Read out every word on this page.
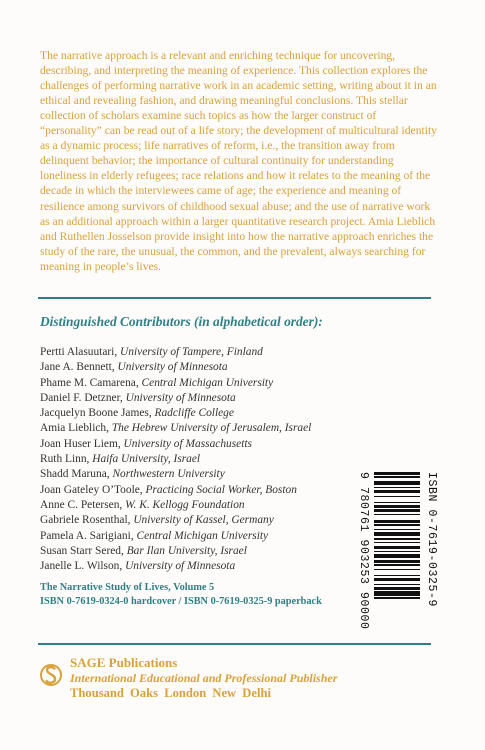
The narrative approach is a relevant and enriching technique for uncovering, describing, and interpreting the meaning of experience. This collection explores the challenges of performing narrative work in an academic setting, writing about it in an ethical and revealing fashion, and drawing meaningful conclusions. This stellar collection of scholars examine such topics as how the larger construct of “personality” can be read out of a life story; the development of multicultural identity as a dynamic process; life narratives of reform, i.e., the transition away from delinquent behavior; the importance of cultural continuity for understanding loneliness in elderly refugees; race relations and how it relates to the meaning of the decade in which the interviewees came of age; the experience and meaning of resilience among survivors of childhood sexual abuse; and the use of narrative work as an additional approach within a larger quantitative research project. Amia Lieblich and Ruthellen Josselson provide insight into how the narrative approach enriches the study of the rare, the unusual, the common, and the prevalent, always searching for meaning in people’s lives.

Distinguished Contributors (in alphabetical order):
Pertti Alasuutari, University of Tampere, Finland
Jane A. Bennett, University of Minnesota
Phame M. Camarena, Central Michigan University
Daniel F. Detzner, University of Minnesota
Jacquelyn Boone James, Radcliffe College
Amia Lieblich, The Hebrew University of Jerusalem, Israel
Joan Huser Liem, University of Massachusetts
Ruth Linn, Haifa University, Israel
Shadd Maruna, Northwestern University
Joan Gateley O’Toole, Practicing Social Worker, Boston
Anne C. Petersen, W. K. Kellogg Foundation
Gabriele Rosenthal, University of Kassel, Germany
Pamela A. Sarigiani, Central Michigan University
Susan Starr Sered, Bar Ilan University, Israel
Janelle L. Wilson, University of Minnesota	ISBN 0-7619-0325-9
9 780761 903253 90000
The Narrative Study of Lives, Volume 5
ISBN 0-7619-0324-0 hardcover / ISBN 0-7619-0325-9 paperback
SAGE Publications
International Educational and Professional Publisher
Thousand Oaks London New Delhi
